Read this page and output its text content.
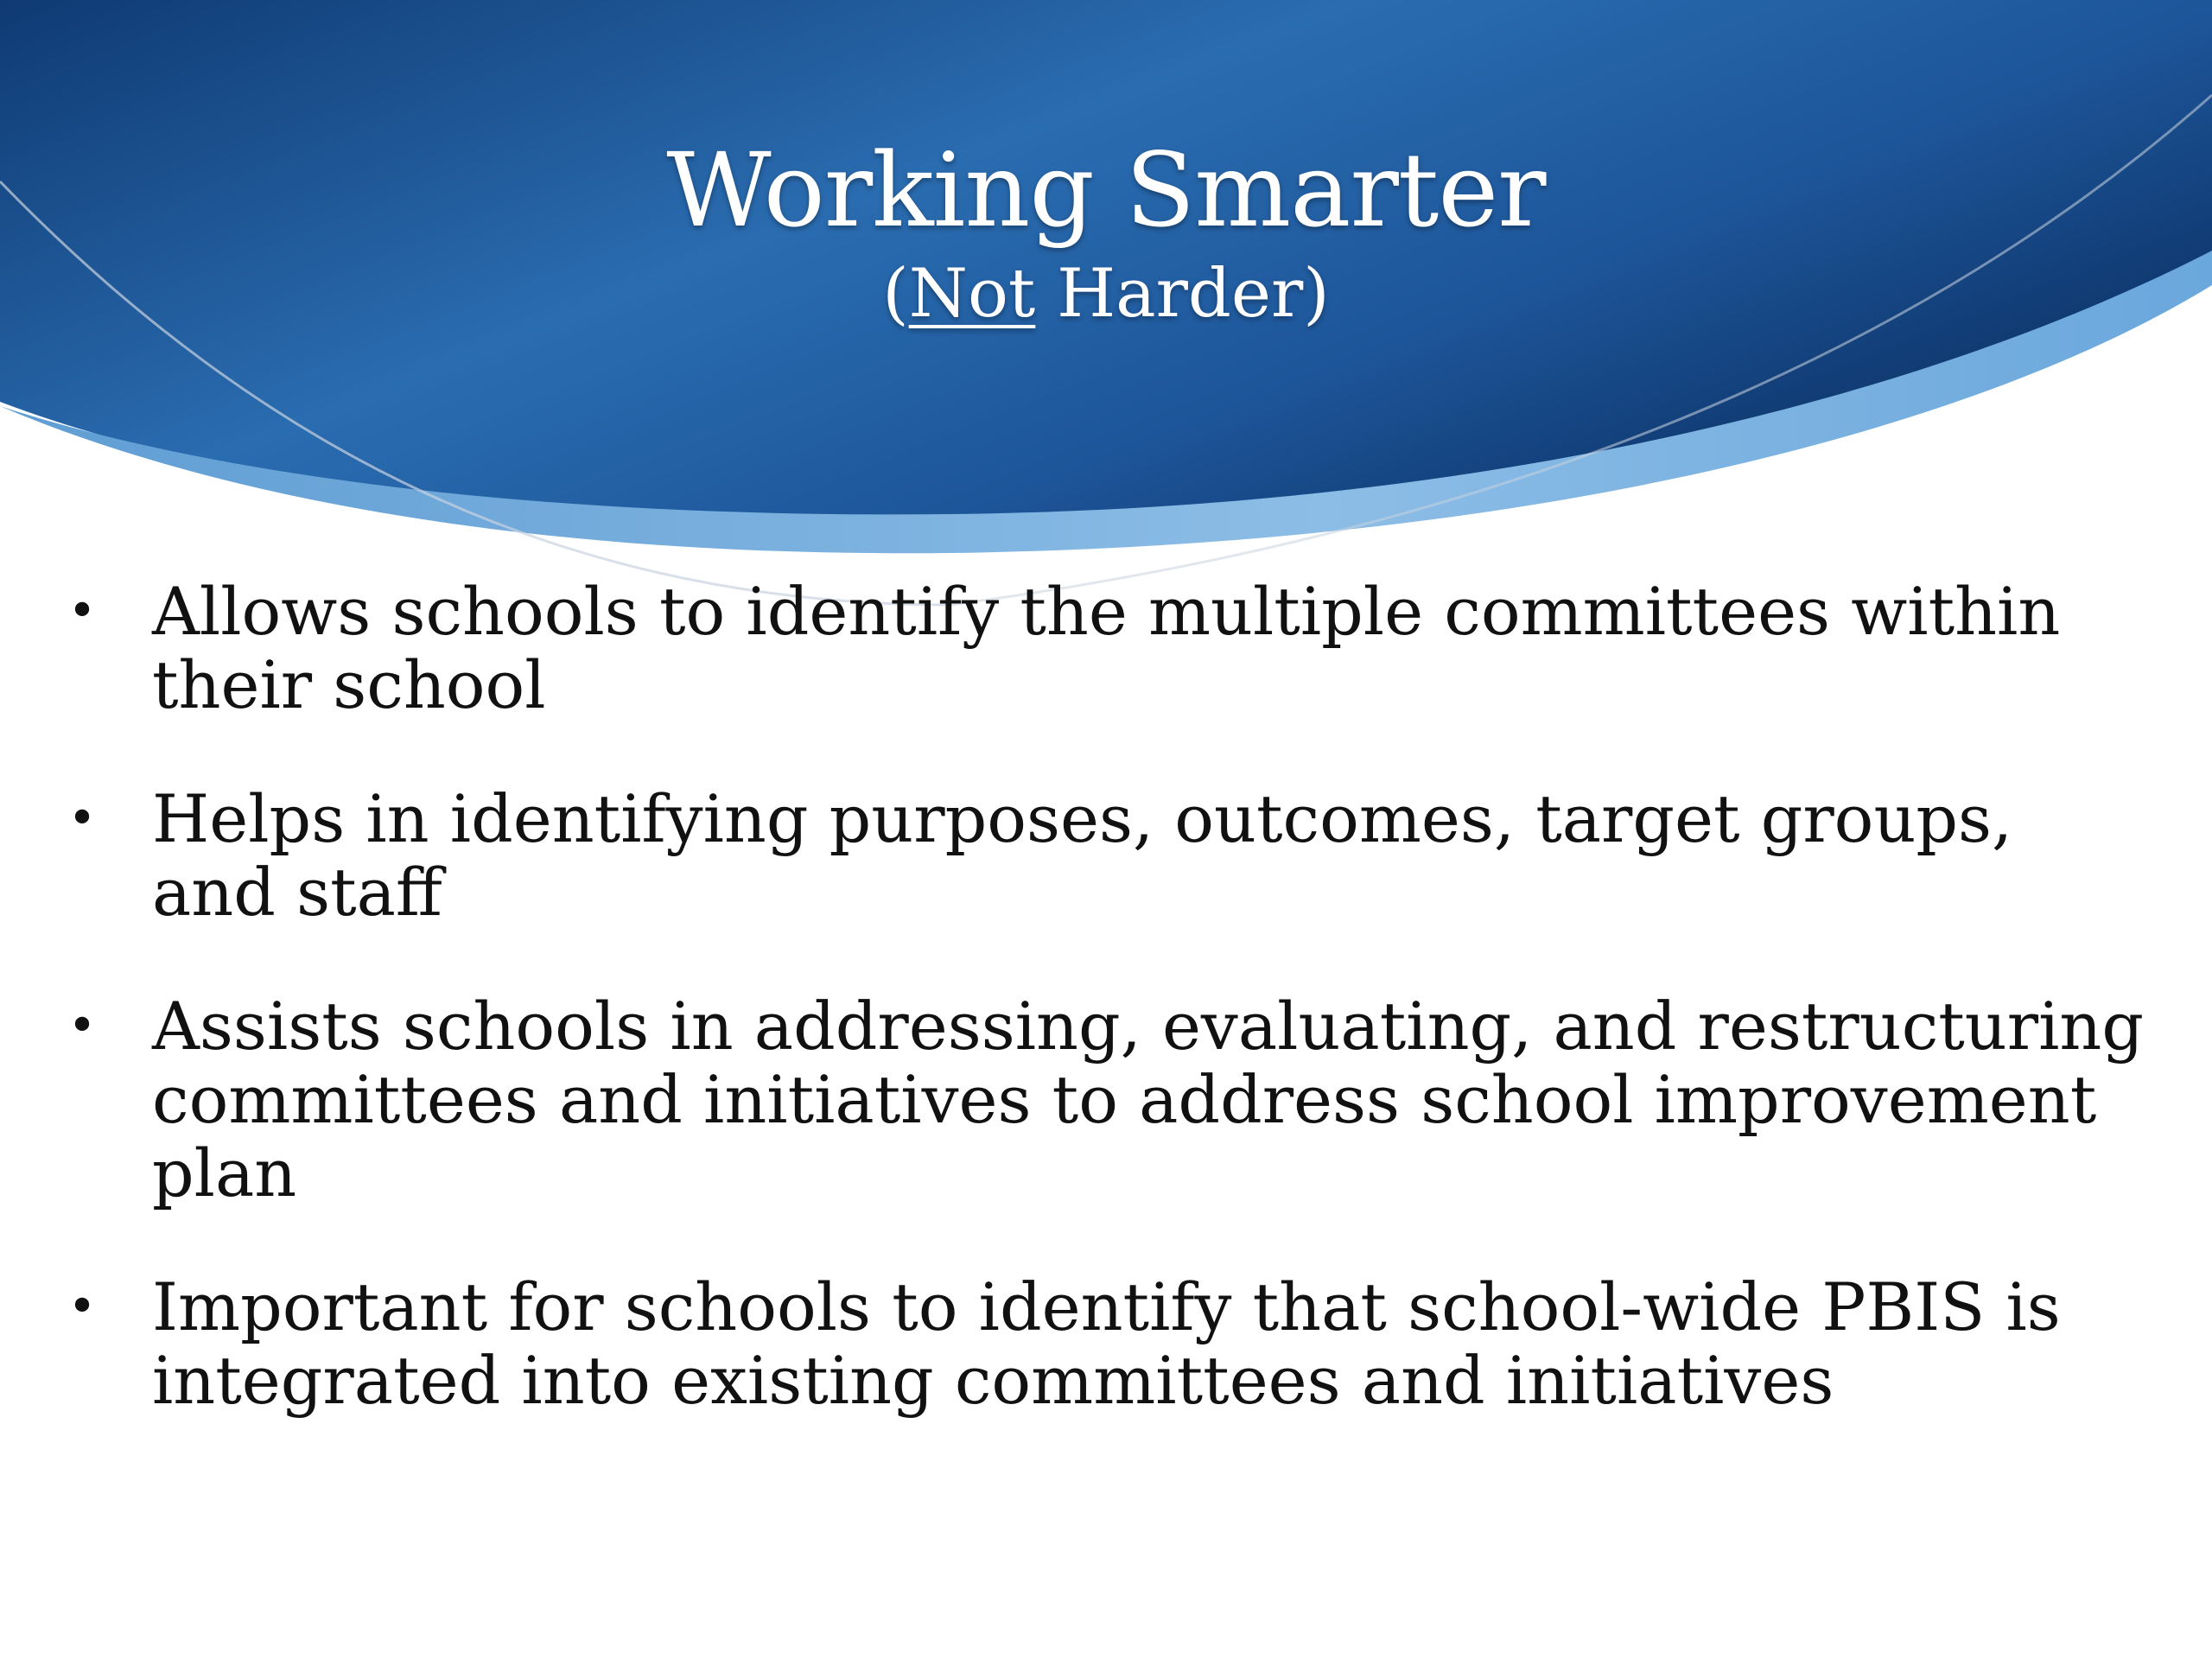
Working Smarter

(Not Harder)

• Allows schools to identify the multiple committees within their school
• Helps in identifying purposes, outcomes, target groups, and staff
• Assists schools in addressing, evaluating, and restructuring committees and initiatives to address school improvement plan
• Important for schools to identify that school-wide PBIS is integrated into existing committees and initiatives
